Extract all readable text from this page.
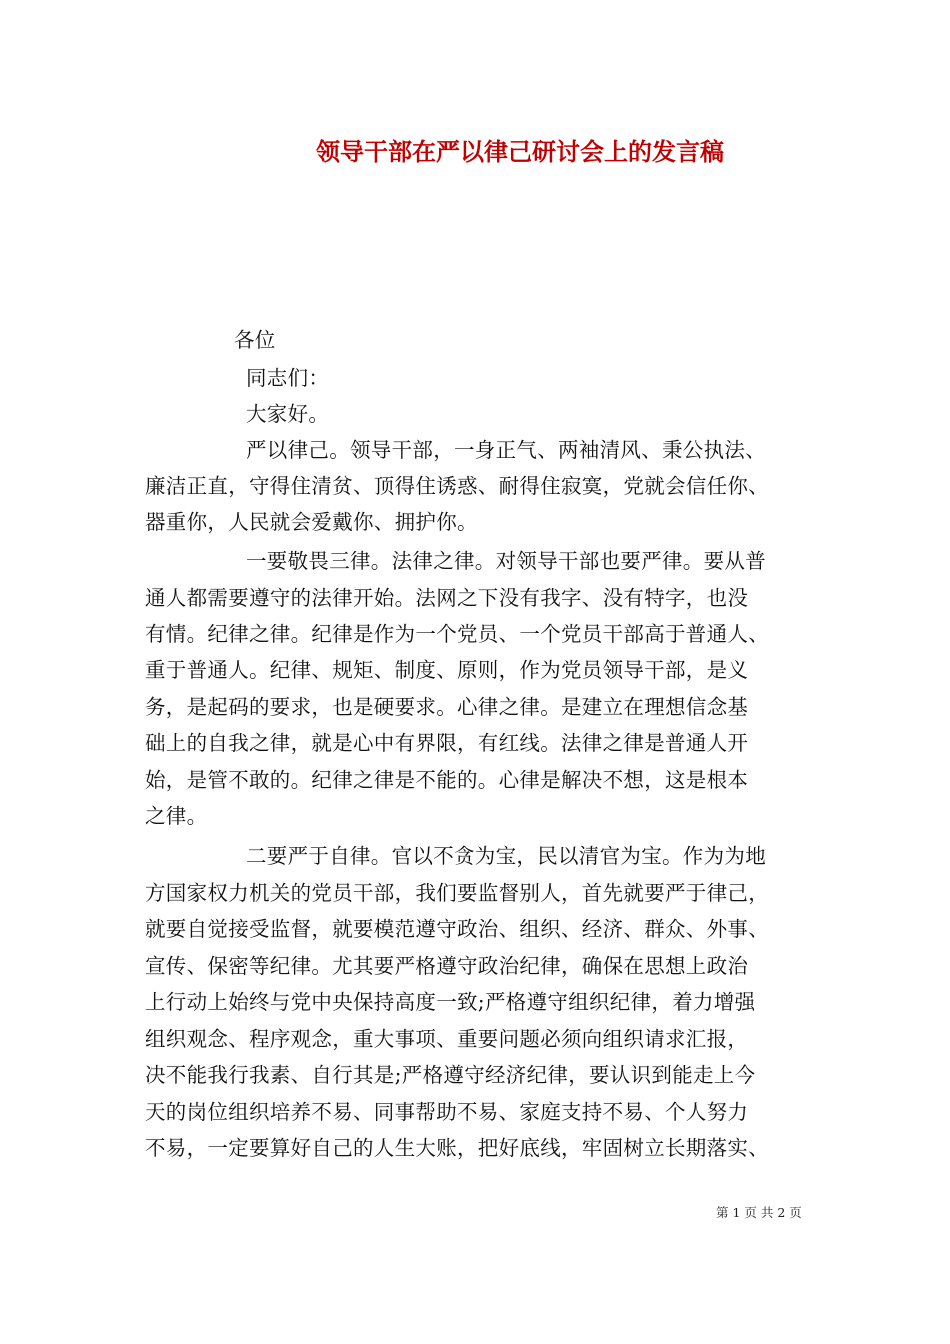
领导干部在严以律己研讨会上的发言稿
各位
同志们：
大家好。
严以律己。领导干部，一身正气、两袖清风、秉公执法、
廉洁正直，守得住清贫、顶得住诱惑、耐得住寂寞，党就会信任你、
器重你，人民就会爱戴你、拥护你。
一要敬畏三律。法律之律。对领导干部也要严律。要从普
通人都需要遵守的法律开始。法网之下没有我字、没有特字，也没
有情。纪律之律。纪律是作为一个党员、一个党员干部高于普通人、
重于普通人。纪律、规矩、制度、原则，作为党员领导干部，是义
务，是起码的要求，也是硬要求。心律之律。是建立在理想信念基
础上的自我之律，就是心中有界限，有红线。法律之律是普通人开
始，是管不敢的。纪律之律是不能的。心律是解决不想，这是根本
之律。
二要严于自律。官以不贪为宝，民以清官为宝。作为为地
方国家权力机关的党员干部，我们要监督别人，首先就要严于律己，
就要自觉接受监督，就要模范遵守政治、组织、经济、群众、外事、
宣传、保密等纪律。尤其要严格遵守政治纪律，确保在思想上政治
上行动上始终与党中央保持高度一致;严格遵守组织纪律，着力增强
组织观念、程序观念，重大事项、重要问题必须向组织请求汇报，
决不能我行我素、自行其是;严格遵守经济纪律，要认识到能走上今
天的岗位组织培养不易、同事帮助不易、家庭支持不易、个人努力
不易，一定要算好自己的人生大账，把好底线，牢固树立长期落实、
第 1 页 共 2 页
